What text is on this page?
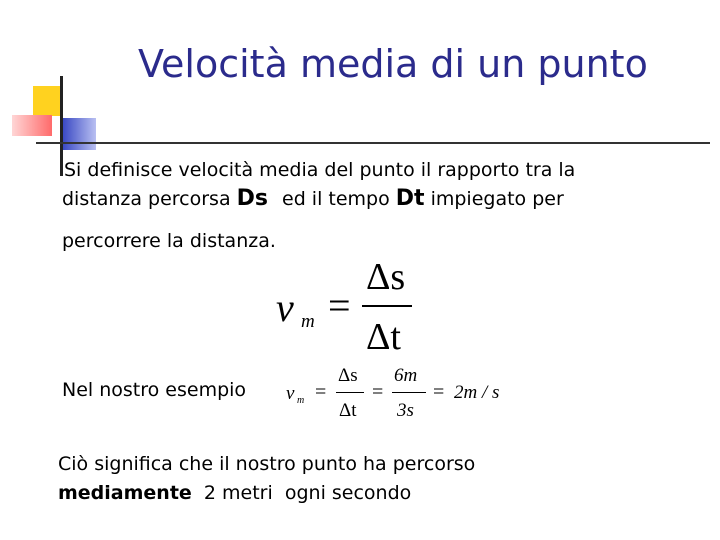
Velocità media di un punto
Si definisce velocità media del punto il rapporto tra la
distanza percorsa Ds ed il tempo Dt impiegato per
percorrere la distanza.
v m =
Δs
Δt
Nel nostro esempio v m =
Δs
Δt
=
6m
3s
= 2m / s
Ciò significa che il nostro punto ha percorso
mediamente  2 metri  ogni secondo
